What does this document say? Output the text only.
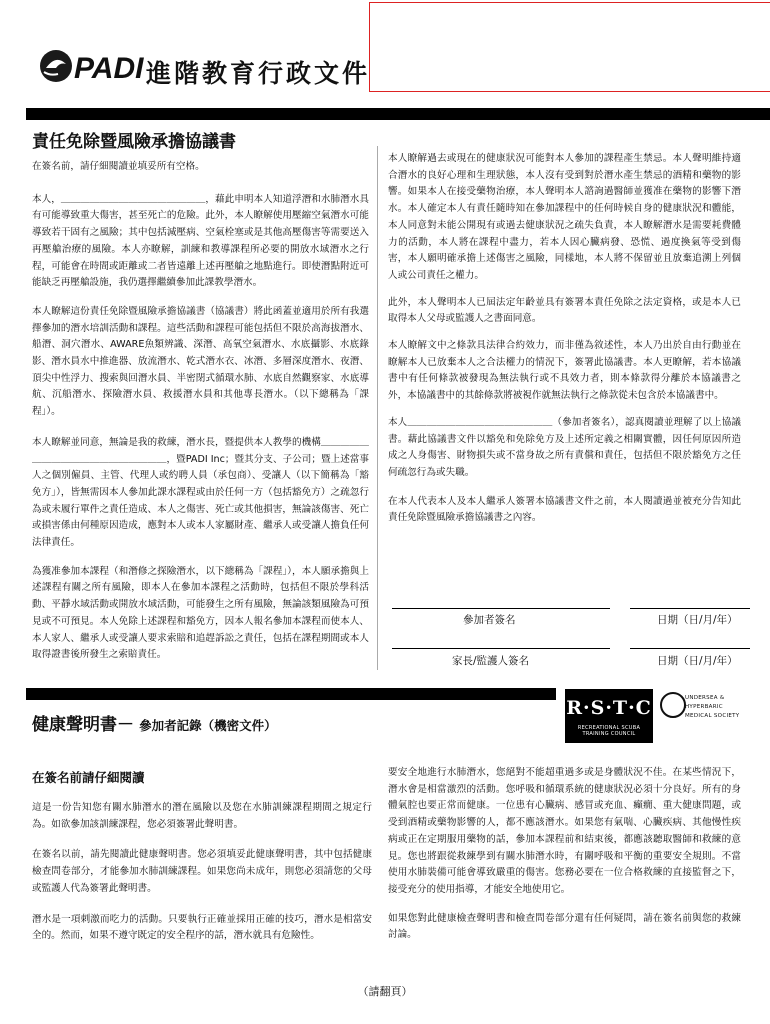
PADI 進階教育行政文件
責任免除暨風險承擔協議書

在簽名前，請仔細閱讀並填妥所有空格。

本人，＿＿＿＿＿＿＿＿＿＿＿＿＿＿＿，藉此申明本人知道浮潛和水肺潛水具有可能導致重大傷害，甚至死亡的危險。此外，本人瞭解使用壓縮空氣潛水可能導致若干固有之風險；其中包括減壓病、空氣栓塞或是其他高壓傷害等需要送入再壓艙治療的風險。本人亦瞭解，訓練和教導課程所必要的開放水域潛水之行程，可能會在時間或距離或二者皆遠離上述再壓艙之地點進行。即使潛點附近可能缺乏再壓艙設施，我仍選擇繼續參加此課教學潛水。

本人瞭解這份責任免除暨風險承擔協議書（協議書）將此函蓋並適用於所有我選擇參加的潛水培訓活動和課程。這些活動和課程可能包括但不限於高海拔潛水、船潛、洞穴潛水、AWARE魚類辨識、深潛、高氧空氣潛水、水底攝影、水底錄影、潛水員水中推進器、放流潛水、乾式潛水衣、冰潛、多層深度潛水、夜潛、頂尖中性浮力、搜索與回潛水員、半密閉式循環水肺、水底自然觀察家、水底導航、沉船潛水、探險潛水員、救援潛水員和其他專長潛水。（以下總稱為「課程」）。

本人瞭解並同意，無論是我的救練，潛水長，暨提供本人教學的機構＿＿＿＿＿＿＿＿＿＿＿＿＿＿＿＿＿＿＿，暨PADI Inc；暨其分支、子公司；暨上述當事人之個別僱員、主管、代理人或約聘人員（承包商）、受讓人（以下簡稱為「豁免方」），皆無需因本人參加此課水課程或由於任何一方（包括豁免方）之疏忽行為或未履行單件之責任造成、本人之傷害、死亡或其他損害，無論該傷害、死亡或損害係由何種原因造成，應對本人或本人家屬財產、繼承人或受讓人擔負任何法律責任。

為獲准參加本課程（和潛修之探險潛水，以下總稱為「課程」），本人願承擔與上述課程有關之所有風險，即本人在參加本課程之活動時，包括但不限於學科活動、平靜水域活動或開放水域活動，可能發生之所有風險，無論該類風險為可預見或不可預見。本人免除上述課程和豁免方，因本人報名參加本課程而使本人、本人家人、繼承人或受讓人要求索賠和追趕訴訟之責任，包括在課程期間或本人取得證書後所發生之索賠責任。

本人瞭解過去或現在的健康狀況可能對本人參加的課程產生禁忌。本人聲明維持適合潛水的良好心理和生理狀態，本人沒有受到對於潛水產生禁忌的酒精和藥物的影響。如果本人在接受藥物治療，本人聲明本人諮詢過醫師並獲准在藥物的影響下潛水。本人確定本人有責任隨時知在參加課程中的任何時候自身的健康狀況和體能，本人同意對未能公開現有或過去健康狀況之疏失負責，本人瞭解潛水是需要耗費體力的活動，本人將在課程中盡力，若本人因心臟病發、恐慌、過度換氣等受到傷害，本人願明確承擔上述傷害之風險，同樣地，本人將不保留並且放棄追溯上列個人或公司責任之權力。

此外，本人聲明本人已屆法定年齡並具有簽署本責任免除之法定資格，或是本人已取得本人父母或監護人之書面同意。

本人瞭解文中之條款具法律合約效力，而非僅為敘述性，本人乃出於自由行動並在瞭解本人已放棄本人之合法權力的情況下，簽署此協議書。本人更瞭解，若本協議書中有任何條款被發現為無法執行或不具效力者，則本條款得分離於本協議書之外，本協議書中的其餘條款將被視作就無法執行之條款從未包含於本協議書中。

本人＿＿＿＿＿＿＿＿＿＿＿＿＿＿＿（參加者簽名），認真閱讀並理解了以上協議書。藉此協議書文件以豁免和免除免方及上述所定義之相關實體，因任何原因所造成之人身傷害、財物損失或不當身故之所有責償和責任，包括但不限於豁免方之任何疏忽行為或失職。

在本人代表本人及本人繼承人簽署本協議書文件之前，本人閱讀過並被充分告知此責任免除暨風險承擔協議書之內容。

參加者簽名	日期（日/月/年）
家長/監護人簽名	日期（日/月/年）
R·S·T·C
RECREATIONAL SCUBA TRAINING COUNCIL
UNDERSEA &
HYPERBARIC
MEDICAL SOCIETY
健康聲明書－ 參加者記錄（機密文件）
在簽名前請仔細閱讀

這是一份告知您有關水肺潛水的潛在風險以及您在水肺訓練課程期間之規定行為。如欲參加該訓練課程，您必須簽署此聲明書。

在簽名以前，請先閱讀此健康聲明書。您必須填妥此健康聲明書，其中包括健康檢查問卷部分，才能參加水肺訓練課程。如果您尚未成年，則您必須請您的父母或監護人代為簽署此聲明書。

潛水是一項刺激而吃力的活動。只要執行正確並採用正確的技巧，潛水是相當安全的。然而，如果不遵守既定的安全程序的話，潛水就具有危險性。

要安全地進行水肺潛水，您絕對不能超重過多或是身體狀況不佳。在某些情況下，潛水會是相當激烈的活動。您呼吸和循環系統的健康狀況必須十分良好。所有的身體氣腔也要正常而健康。一位患有心臟病、感冒或充血、癲癇、重大健康問題，或受到酒精或藥物影響的人，都不應該潛水。如果您有氣喘、心臟疾病、其他慢性疾病或正在定期服用藥物的話，參加本課程前和結束後，都應該聽取醫師和救練的意見。您也將跟從救練學到有關水肺潛水時，有關呼吸和平衡的重要安全規則。不當使用水肺裝備可能會導致嚴重的傷害。您務必要在一位合格救練的直接監督之下，接受充分的使用指導，才能安全地使用它。

如果您對此健康檢查聲明書和檢查問卷部分還有任何疑問，請在簽名前與您的救練討論。

（請翻頁）
